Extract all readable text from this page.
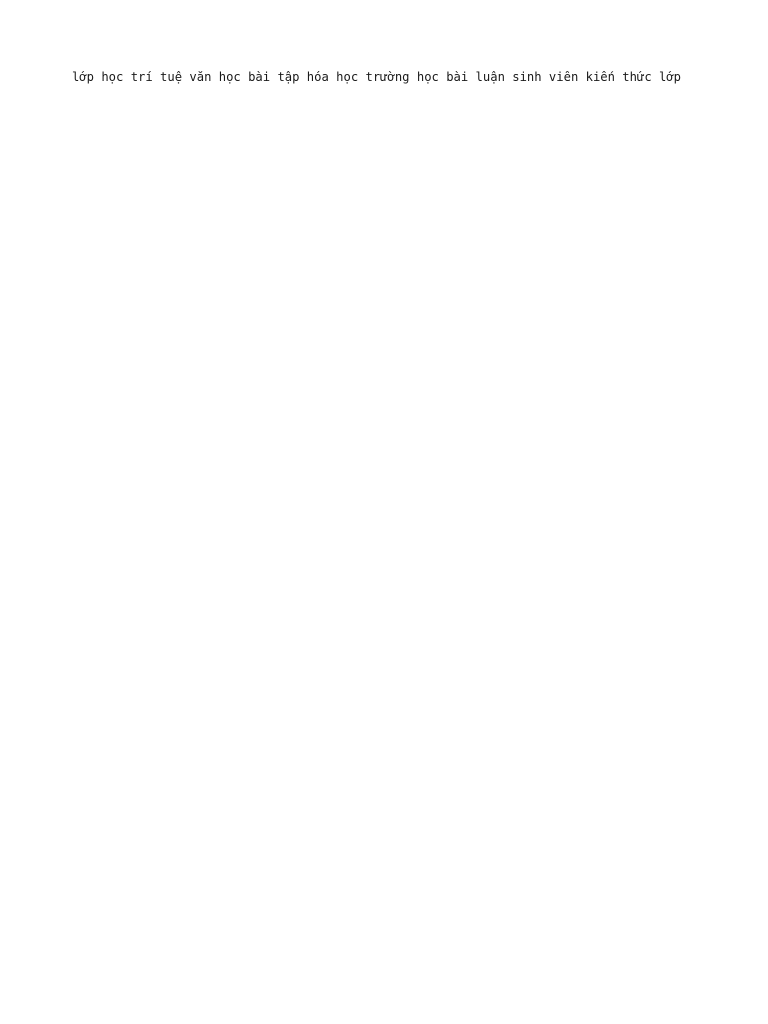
lớp học trí tuệ văn học bài tập hóa học trường học bài luận sinh viên kiến thức lớp
